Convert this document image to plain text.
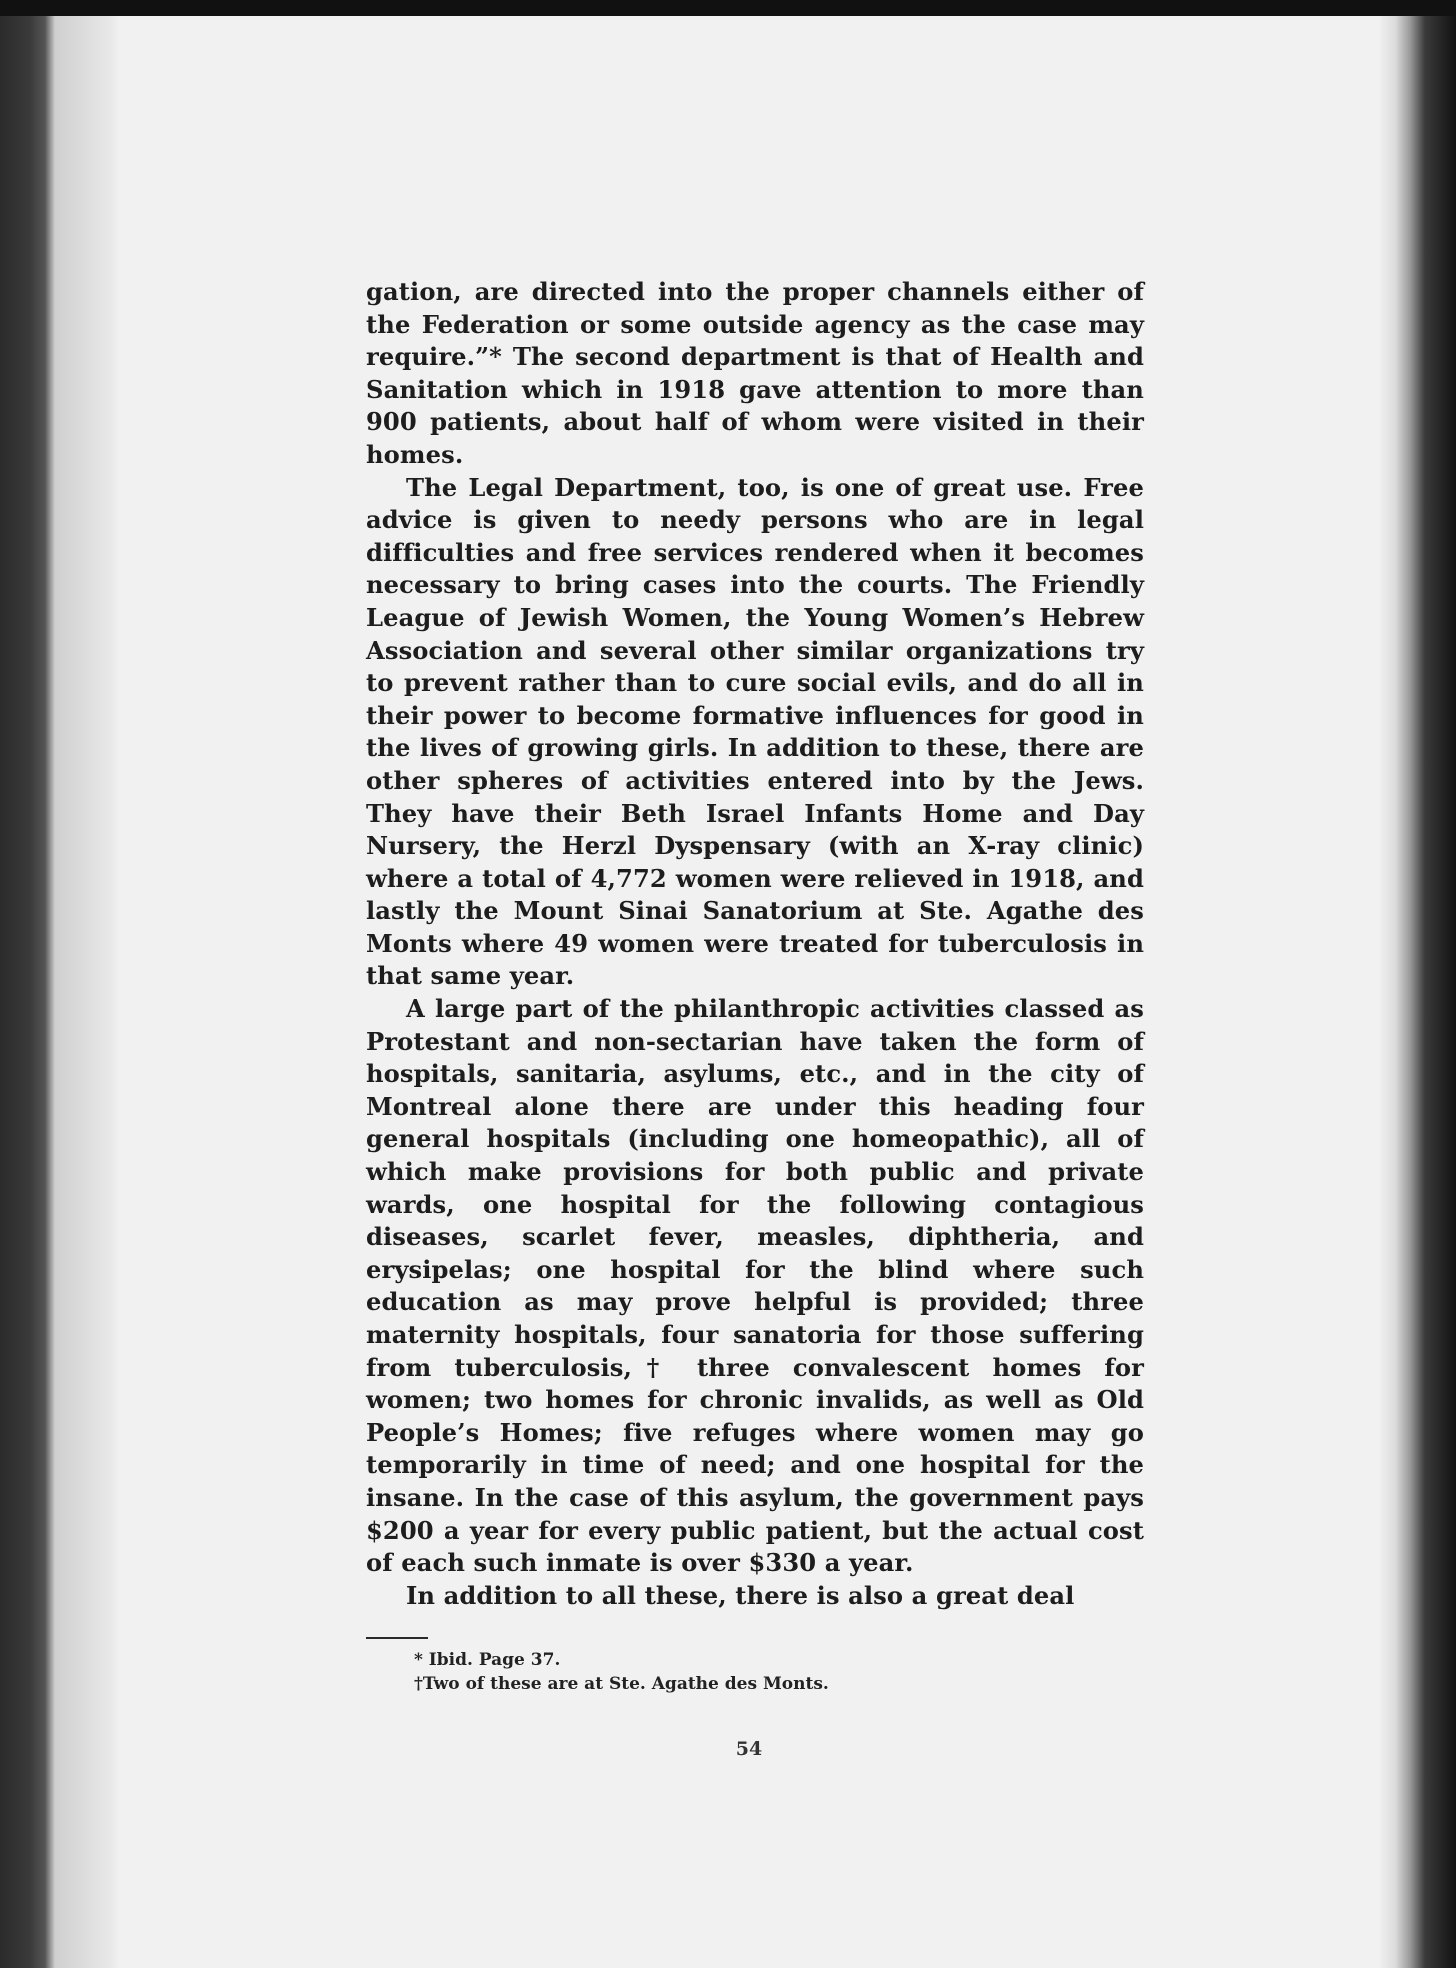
54

gation, are directed into the proper channels either of the Federation or some outside agency as the case may require.”* The second department is that of Health and Sanitation which in 1918 gave attention to more than 900 patients, about half of whom were visited in their homes.

The Legal Department, too, is one of great use. Free advice is given to needy persons who are in legal difficulties and free services rendered when it becomes necessary to bring cases into the courts. The Friendly League of Jewish Women, the Young Women’s Hebrew Association and several other similar organizations try to prevent rather than to cure social evils, and do all in their power to become formative influences for good in the lives of growing girls. In addition to these, there are other spheres of activities entered into by the Jews. They have their Beth Israel Infants Home and Day Nursery, the Herzl Dyspensary (with an X-ray clinic) where a total of 4,772 women were relieved in 1918, and lastly the Mount Sinai Sanatorium at Ste. Agathe des Monts where 49 women were treated for tuberculosis in that same year.

A large part of the philanthropic activities classed as Protestant and non-sectarian have taken the form of hospitals, sanitaria, asylums, etc., and in the city of Montreal alone there are under this heading four general hospitals (including one homeopathic), all of which make provisions for both public and private wards, one hospital for the following contagious diseases, scarlet fever, measles, diphtheria, and erysipelas; one hospital for the blind where such education as may prove helpful is provided; three maternity hospitals, four sanatoria for those suffering from tuberculosis,† three convalescent homes for women; two homes for chronic invalids, as well as Old People’s Homes; five refuges where women may go temporarily in time of need; and one hospital for the insane. In the case of this asylum, the government pays $200 a year for every public patient, but the actual cost of each such inmate is over $330 a year.

In addition to all these, there is also a great deal

* Ibid. Page 37.
†Two of these are at Ste. Agathe des Monts.
